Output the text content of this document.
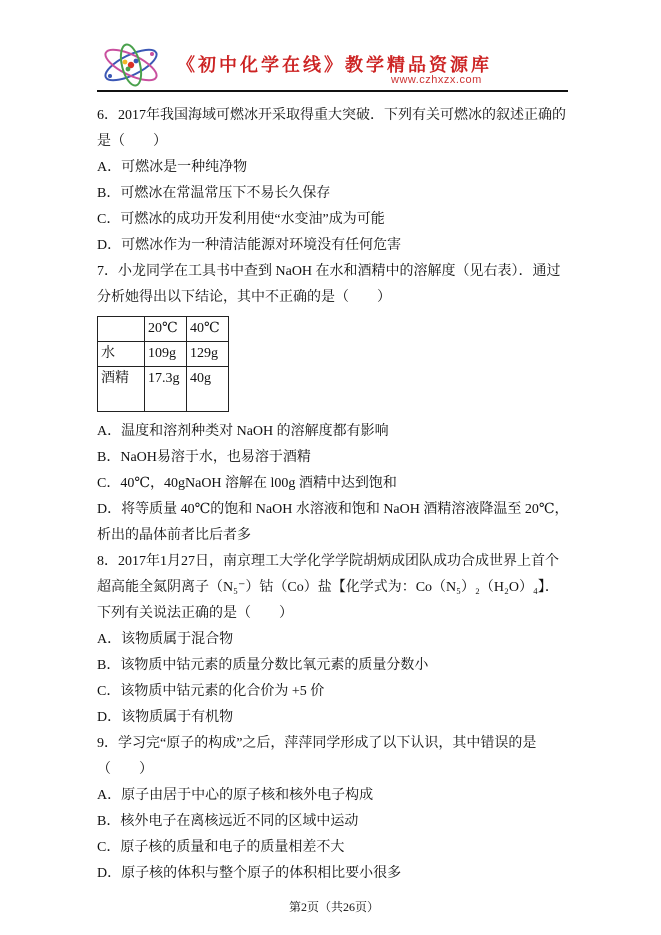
《初中化学在线》教学精品资源库
www.czhxzx.com

6．2017年我国海域可燃冰开采取得重大突破．下列有关可燃冰的叙述正确的是（　　）

A．可燃冰是一种纯净物

B．可燃冰在常温常压下不易长久保存

C．可燃冰的成功开发利用使“水变油”成为可能

D．可燃冰作为一种清洁能源对环境没有任何危害

7．小龙同学在工具书中查到 NaOH 在水和酒精中的溶解度（见右表）．通过分析她得出以下结论，其中不正确的是（　　）

	20℃	40℃
水	109g	129g
酒精	17.3g	40g

A．温度和溶剂种类对 NaOH 的溶解度都有影响

B．NaOH易溶于水，也易溶于酒精

C．40℃，40gNaOH 溶解在 l00g 酒精中达到饱和

D．将等质量 40℃的饱和 NaOH 水溶液和饱和 NaOH 酒精溶液降温至 20℃，析出的晶体前者比后者多

8．2017年1月27日，南京理工大学化学学院胡炳成团队成功合成世界上首个超高能全氮阴离子（N₅⁻）钴（Co）盐【化学式为：Co（N₅）₂（H₂O）₄】．下列有关说法正确的是（　　）

A．该物质属于混合物

B．该物质中钴元素的质量分数比氧元素的质量分数小

C．该物质中钴元素的化合价为 +5 价

D．该物质属于有机物

9．学习完“原子的构成”之后，萍萍同学形成了以下认识，其中错误的是（　　）

A．原子由居于中心的原子核和核外电子构成

B．核外电子在离核远近不同的区域中运动

C．原子核的质量和电子的质量相差不大

D．原子核的体积与整个原子的体积相比要小很多

第2页（共26页）
